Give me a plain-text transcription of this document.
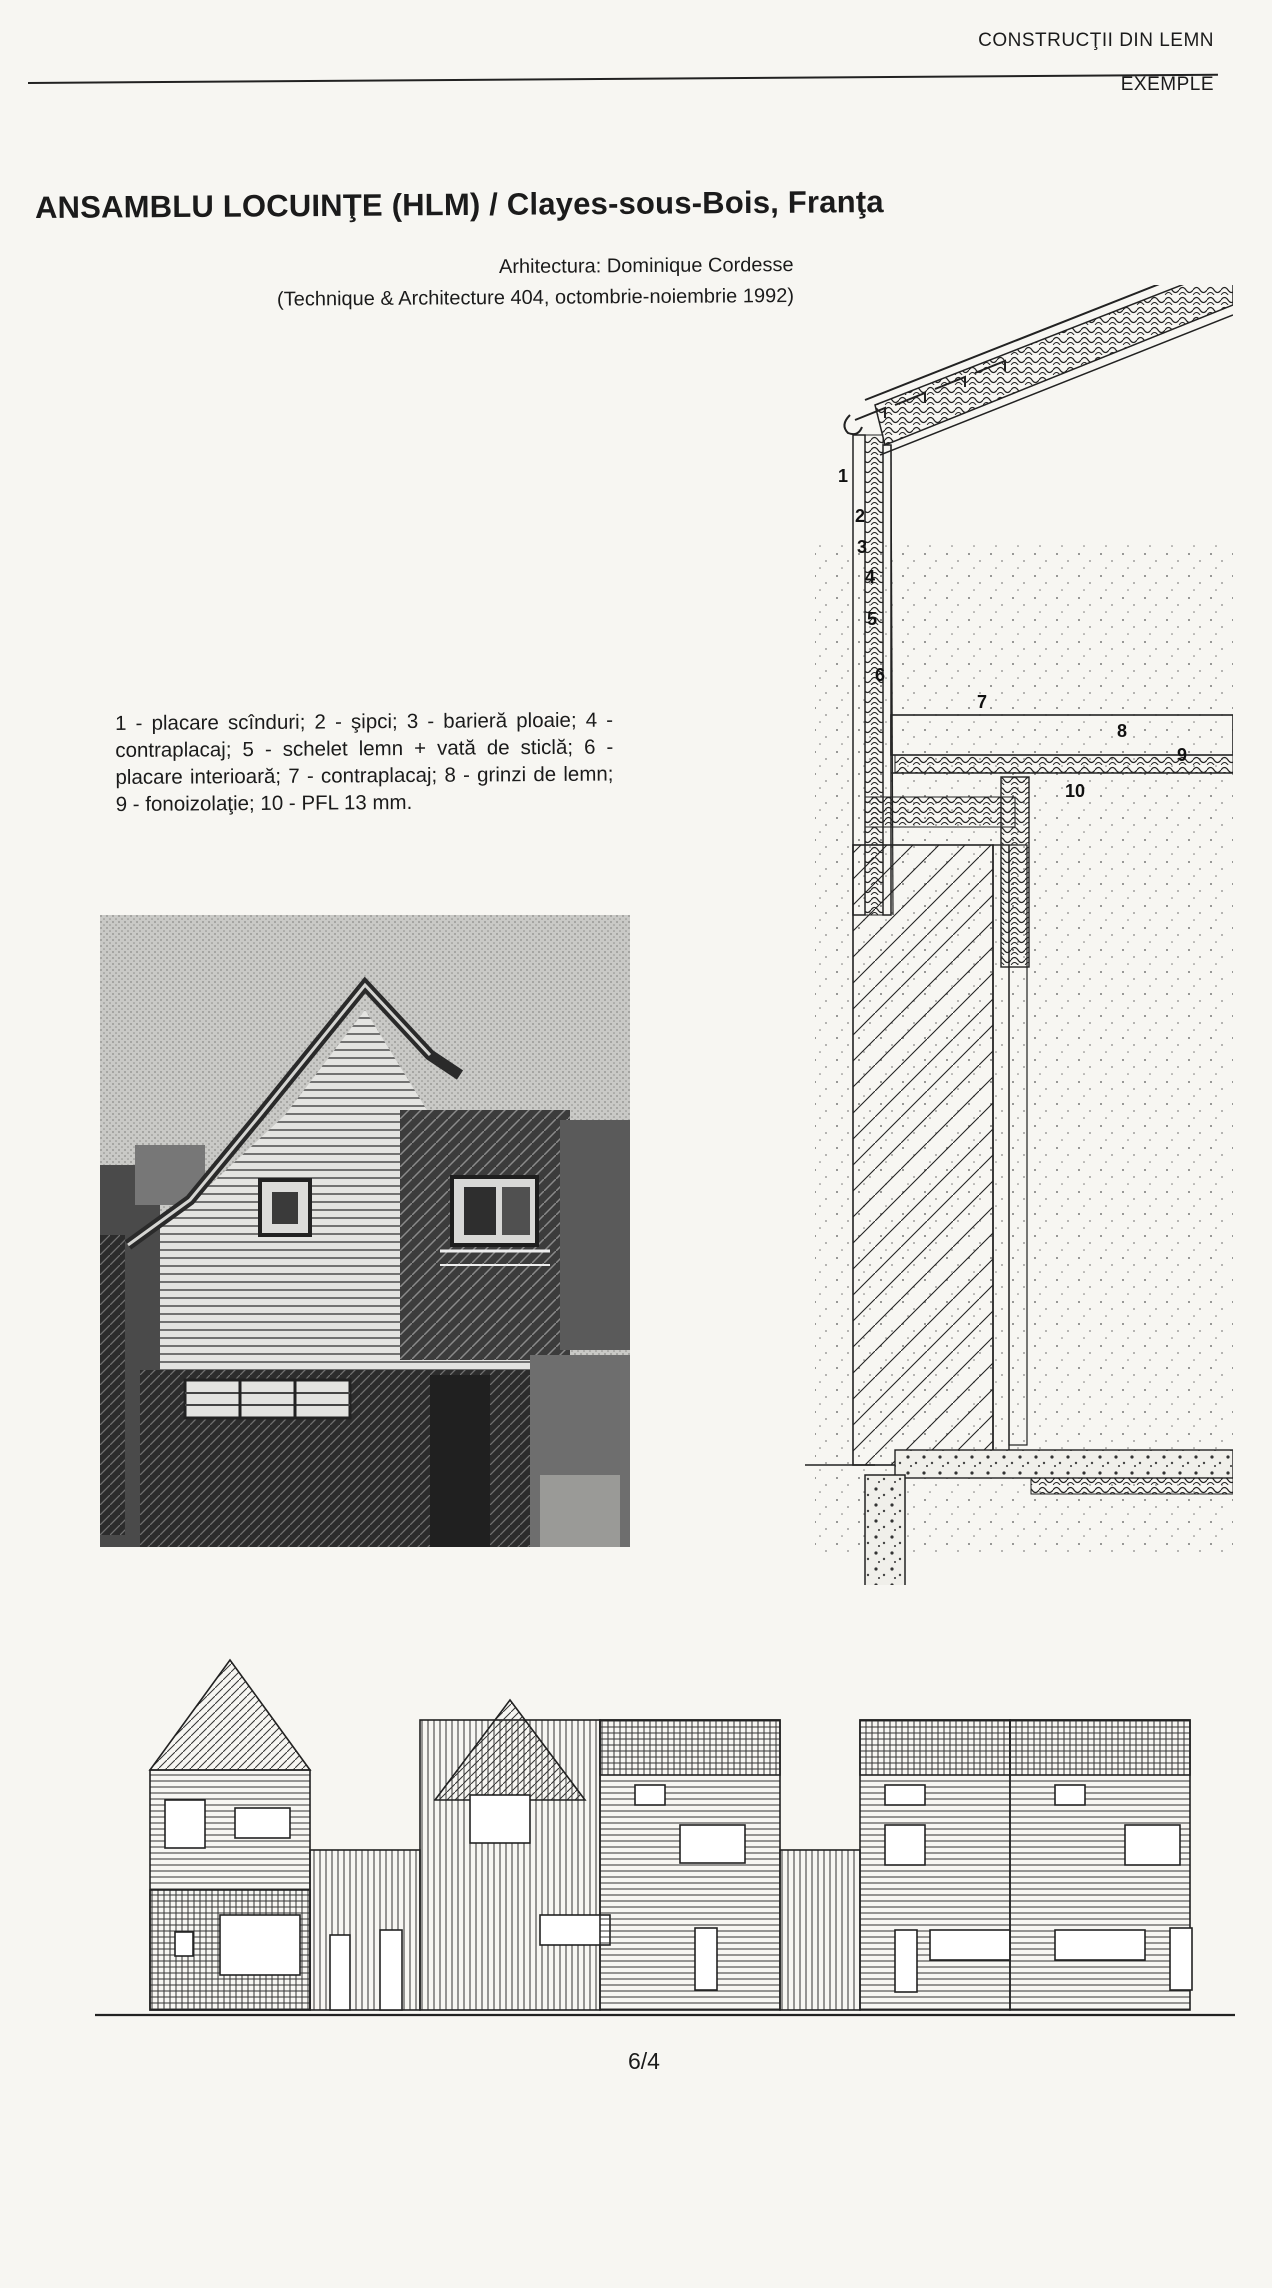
CONSTRUCŢII DIN LEMN
EXEMPLE
ANSAMBLU LOCUINŢE (HLM) / Clayes-sous-Bois, Franţa
Arhitectura: Dominique Cordesse
(Technique & Architecture 404, octombrie-noiembrie 1992)
1 - placare scînduri; 2 - şipci; 3 - barieră ploaie; 4 - contraplacaj; 5 - schelet lemn + vată de sticlă; 6 - placare interioară; 7 - contraplacaj; 8 - grinzi de lemn; 9 - fonoizolaţie; 10 - PFL 13 mm.
1
2
3
4
5
6
7
8
9
10
6/4
